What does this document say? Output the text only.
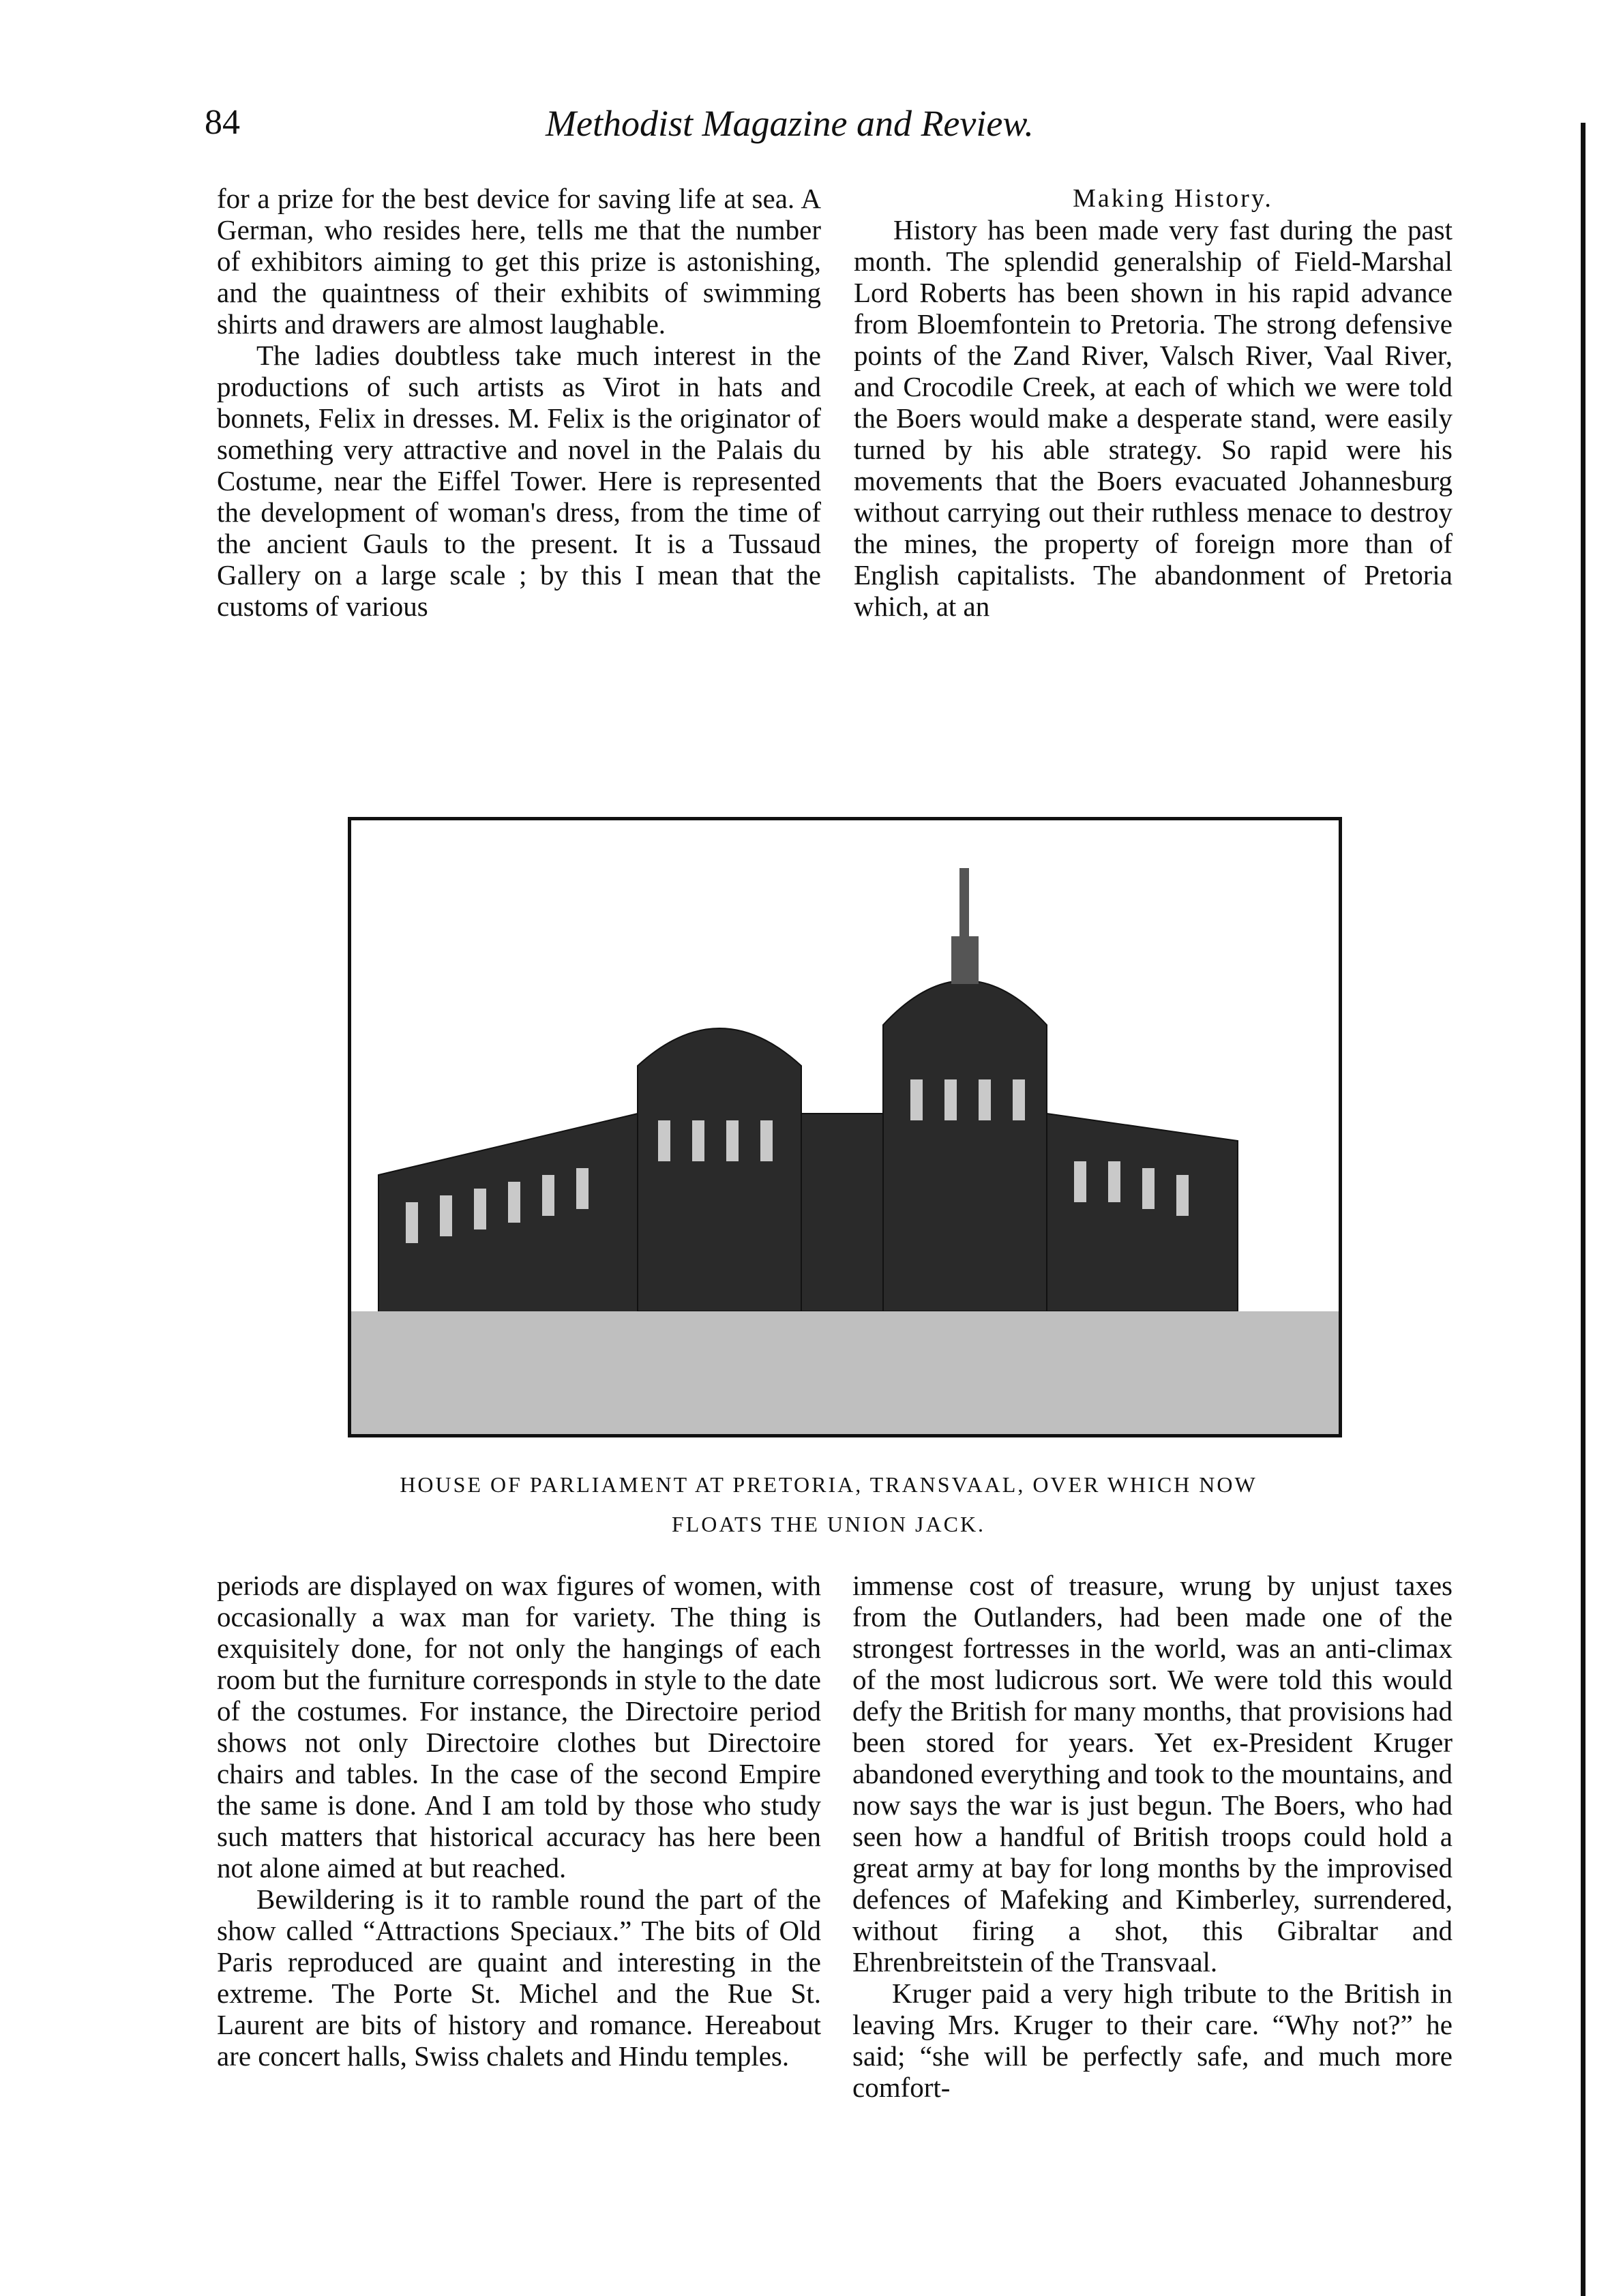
84	Methodist Magazine and Review.

for a prize for the best device for saving life at sea. A German, who resides here, tells me that the number of exhibitors aiming to get this prize is astonishing, and the quaintness of their exhibits of swimming shirts and drawers are almost laughable.

The ladies doubtless take much interest in the productions of such artists as Virot in hats and bonnets, Felix in dresses. M. Felix is the originator of something very attractive and novel in the Palais du Costume, near the Eiffel Tower. Here is represented the development of woman's dress, from the time of the ancient Gauls to the present. It is a Tussaud Gallery on a large scale ; by this I mean that the customs of various

Making History.

History has been made very fast during the past month. The splendid generalship of Field-Marshal Lord Roberts has been shown in his rapid advance from Bloemfontein to Pretoria. The strong defensive points of the Zand River, Valsch River, Vaal River, and Crocodile Creek, at each of which we were told the Boers would make a desperate stand, were easily turned by his able strategy. So rapid were his movements that the Boers evacuated Johannesburg without carrying out their ruthless menace to destroy the mines, the property of foreign more than of English capitalists. The abandonment of Pretoria which, at an

HOUSE OF PARLIAMENT AT PRETORIA, TRANSVAAL, OVER WHICH NOW
FLOATS THE UNION JACK.

periods are displayed on wax figures of women, with occasionally a wax man for variety. The thing is exquisitely done, for not only the hangings of each room but the furniture corresponds in style to the date of the costumes. For instance, the Directoire period shows not only Directoire clothes but Directoire chairs and tables. In the case of the second Empire the same is done. And I am told by those who study such matters that historical accuracy has here been not alone aimed at but reached.

Bewildering is it to ramble round the part of the show called “Attractions Speciaux.” The bits of Old Paris reproduced are quaint and interesting in the extreme. The Porte St. Michel and the Rue St. Laurent are bits of history and romance. Hereabout are concert halls, Swiss chalets and Hindu temples.

immense cost of treasure, wrung by unjust taxes from the Outlanders, had been made one of the strongest fortresses in the world, was an anti-climax of the most ludicrous sort. We were told this would defy the British for many months, that provisions had been stored for years. Yet ex-President Kruger abandoned everything and took to the mountains, and now says the war is just begun. The Boers, who had seen how a handful of British troops could hold a great army at bay for long months by the improvised defences of Mafeking and Kimberley, surrendered, without firing a shot, this Gibraltar and Ehrenbreitstein of the Transvaal.

Kruger paid a very high tribute to the British in leaving Mrs. Kruger to their care. “Why not?” he said; “she will be perfectly safe, and much more comfort-
